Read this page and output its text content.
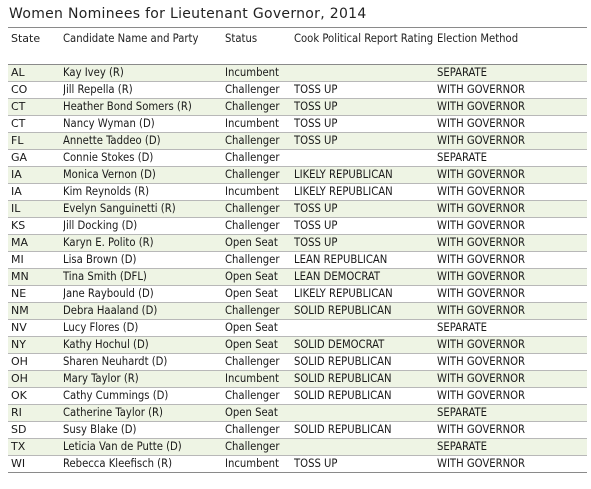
Women Nominees for Lieutenant Governor, 2014
State	Candidate Name and Party	Status	Cook Political Report Rating	Election Method
AL	Kay Ivey (R)	Incumbent		SEPARATE
CO	Jill Repella (R)	Challenger	TOSS UP	WITH GOVERNOR
CT	Heather Bond Somers (R)	Challenger	TOSS UP	WITH GOVERNOR
CT	Nancy Wyman (D)	Incumbent	TOSS UP	WITH GOVERNOR
FL	Annette Taddeo (D)	Challenger	TOSS UP	WITH GOVERNOR
GA	Connie Stokes (D)	Challenger		SEPARATE
IA	Monica Vernon (D)	Challenger	LIKELY REPUBLICAN	WITH GOVERNOR
IA	Kim Reynolds (R)	Incumbent	LIKELY REPUBLICAN	WITH GOVERNOR
IL	Evelyn Sanguinetti (R)	Challenger	TOSS UP	WITH GOVERNOR
KS	Jill Docking (D)	Challenger	TOSS UP	WITH GOVERNOR
MA	Karyn E. Polito (R)	Open Seat	TOSS UP	WITH GOVERNOR
MI	Lisa Brown (D)	Challenger	LEAN REPUBLICAN	WITH GOVERNOR
MN	Tina Smith (DFL)	Open Seat	LEAN DEMOCRAT	WITH GOVERNOR
NE	Jane Raybould (D)	Open Seat	LIKELY REPUBLICAN	WITH GOVERNOR
NM	Debra Haaland (D)	Challenger	SOLID REPUBLICAN	WITH GOVERNOR
NV	Lucy Flores (D)	Open Seat		SEPARATE
NY	Kathy Hochul (D)	Open Seat	SOLID DEMOCRAT	WITH GOVERNOR
OH	Sharen Neuhardt (D)	Challenger	SOLID REPUBLICAN	WITH GOVERNOR
OH	Mary Taylor (R)	Incumbent	SOLID REPUBLICAN	WITH GOVERNOR
OK	Cathy Cummings (D)	Challenger	SOLID REPUBLICAN	WITH GOVERNOR
RI	Catherine Taylor (R)	Open Seat		SEPARATE
SD	Susy Blake (D)	Challenger	SOLID REPUBLICAN	WITH GOVERNOR
TX	Leticia Van de Putte (D)	Challenger		SEPARATE
WI	Rebecca Kleefisch (R)	Incumbent	TOSS UP	WITH GOVERNOR
